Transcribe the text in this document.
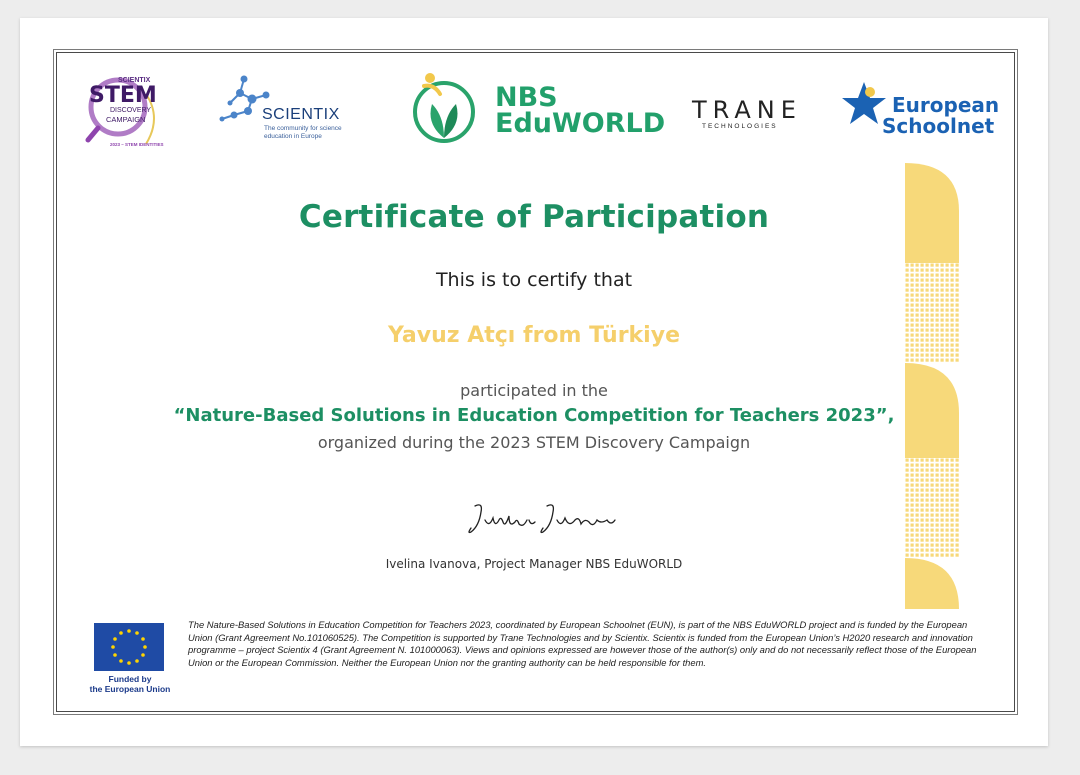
SCIENTIX
STEM
DISCOVERY
CAMPAIGN
2023 – STEM IDENTITIES
SCIENTIX
The community for science
education in Europe
NBS
EduWORLD TRANE
TECHNOLOGIES
European
Schoolnet
Certificate of Participation
This is to certify that
Yavuz Atçı from Türkiye
participated in the
“Nature-Based Solutions in Education Competition for Teachers 2023”,
organized during the 2023 STEM Discovery Campaign
Ivelina Ivanova, Project Manager NBS EduWORLD
Funded by
the European Union
The Nature-Based Solutions in Education Competition for Teachers 2023, coordinated by European Schoolnet (EUN), is part of the NBS EduWORLD project and is funded by the European Union (Grant Agreement No.101060525). The Competition is supported by Trane Technologies and by Scientix. Scientix is funded from the European Union’s H2020 research and innovation programme – project Scientix 4 (Grant Agreement N. 101000063). Views and opinions expressed are however those of the author(s) only and do not necessarily reflect those of the European Union or the European Commission. Neither the European Union nor the granting authority can be held responsible for them.
